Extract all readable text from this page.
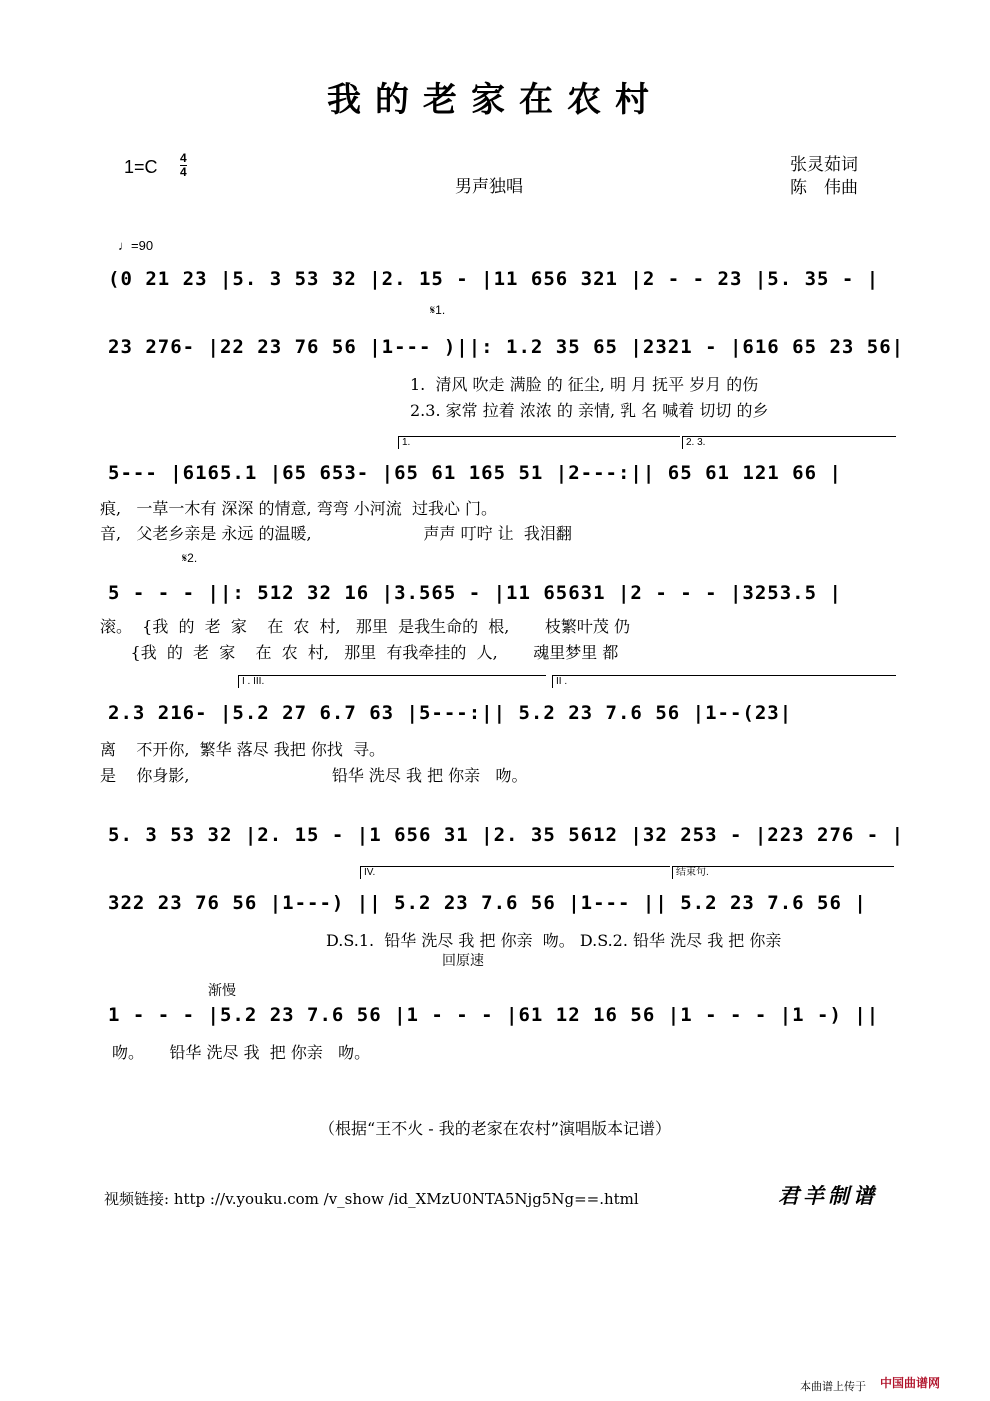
我的老家在农村
1=C 4
4
男声独唱
张灵茹词
陈　伟曲
♩=90
(0 21 23 |5. 3 53 32 |2. 15 - |11 656 321 |2 - - 23 |5. 35 - |
𝄋1.
23 276- |22 23 76 56 |1--- )||: 1.2 35 65 |2321 - |616 65 23 56|
1.  清风 吹走 满脸 的 征尘, 明 月 抚平 岁月 的伤
2.3. 家常 拉着 浓浓 的 亲情, 乳 名 喊着 切切 的乡
1.	2. 3.
5--- |6165.1 |65 653- |65 61 165 51 |2---:|| 65 61 121 66 |
痕,   一草一木有 深深 的情意, 弯弯 小河流  过我心 门。
音,   父老乡亲是 永远 的温暖,                      声声 叮咛 让  我泪翻
𝄋2.
5 - - - ||: 512 32 16 |3.565 - |11 65631 |2 - - - |3253.5 |
滚。  {我  的  老  家    在  农  村,   那里  是我生命的  根,       枝繁叶茂 仍
{我  的  老  家    在  农  村,   那里  有我牵挂的  人,       魂里梦里 都
I . III.	II .
2.3 216- |5.2 27 6.7 63 |5---:|| 5.2 23 7.6 56 |1--(23|
离    不开你,  繁华 落尽 我把 你找  寻。
是    你身影,                            铅华 洗尽 我 把 你亲   吻。
5. 3 53 32 |2. 15 - |1 656 31 |2. 35 5612 |32 253 - |223 276 - |
IV.	结束句.
322 23 76 56 |1---) || 5.2 23 7.6 56 |1--- || 5.2 23 7.6 56 |
D.S.1.  铅华 洗尽 我 把 你亲  吻。 D.S.2. 铅华 洗尽 我 把 你亲
渐慢
回原速
1 - - - |5.2 23 7.6 56 |1 - - - |61 12 16 56 |1 - - - |1 -) ||
吻。     铅华 洗尽 我  把 你亲   吻。
（根据“王不火 - 我的老家在农村”演唱版本记谱）
视频链接: http ://v.youku.com /v_show /id_XMzU0NTA5Njg5Ng==.html	君羊制谱
本曲谱上传于 中国曲谱网
